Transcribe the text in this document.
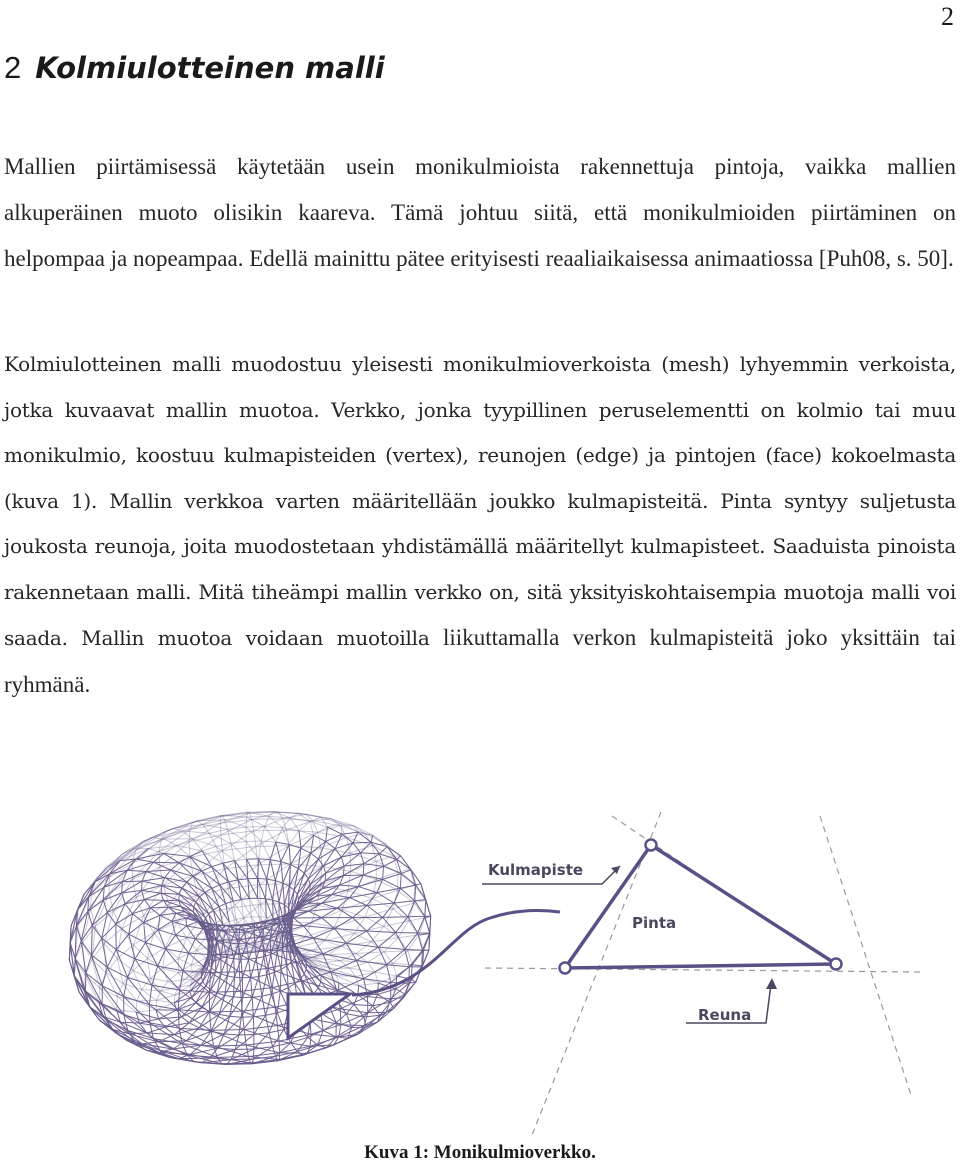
2
2 Kolmiulotteinen malli

Mallien piirtämisessä käytetään usein monikulmioista rakennettuja pintoja, vaikka mallien alkuperäinen muoto olisikin kaareva. Tämä johtuu siitä, että monikulmioiden piirtäminen on helpompaa ja nopeampaa. Edellä mainittu pätee erityisesti reaaliaikaisessa animaatiossa [Puh08, s. 50].

Kolmiulotteinen malli muodostuu yleisesti monikulmioverkoista (mesh) lyhyemmin verkoista, jotka kuvaavat mallin muotoa. Verkko, jonka tyypillinen peruselementti on kolmio tai muu monikulmio, koostuu kulmapisteiden (vertex), reunojen (edge) ja pintojen (face) kokoelmasta (kuva 1). Mallin verkkoa varten määritellään joukko kulmapisteitä. Pinta syntyy suljetusta joukosta reunoja, joita muodostetaan yhdistämällä määritellyt kulmapisteet. Saaduista pinoista rakennetaan malli. Mitä tiheämpi mallin verkko on, sitä yksityiskohtaisempia muotoja malli voi saada. Mallin muotoa voidaan muotoilla liikuttamalla verkon kulmapisteitä joko yksittäin tai ryhmänä.

Kulmapiste
Pinta
Reuna
Kuva 1: Monikulmioverkko.
